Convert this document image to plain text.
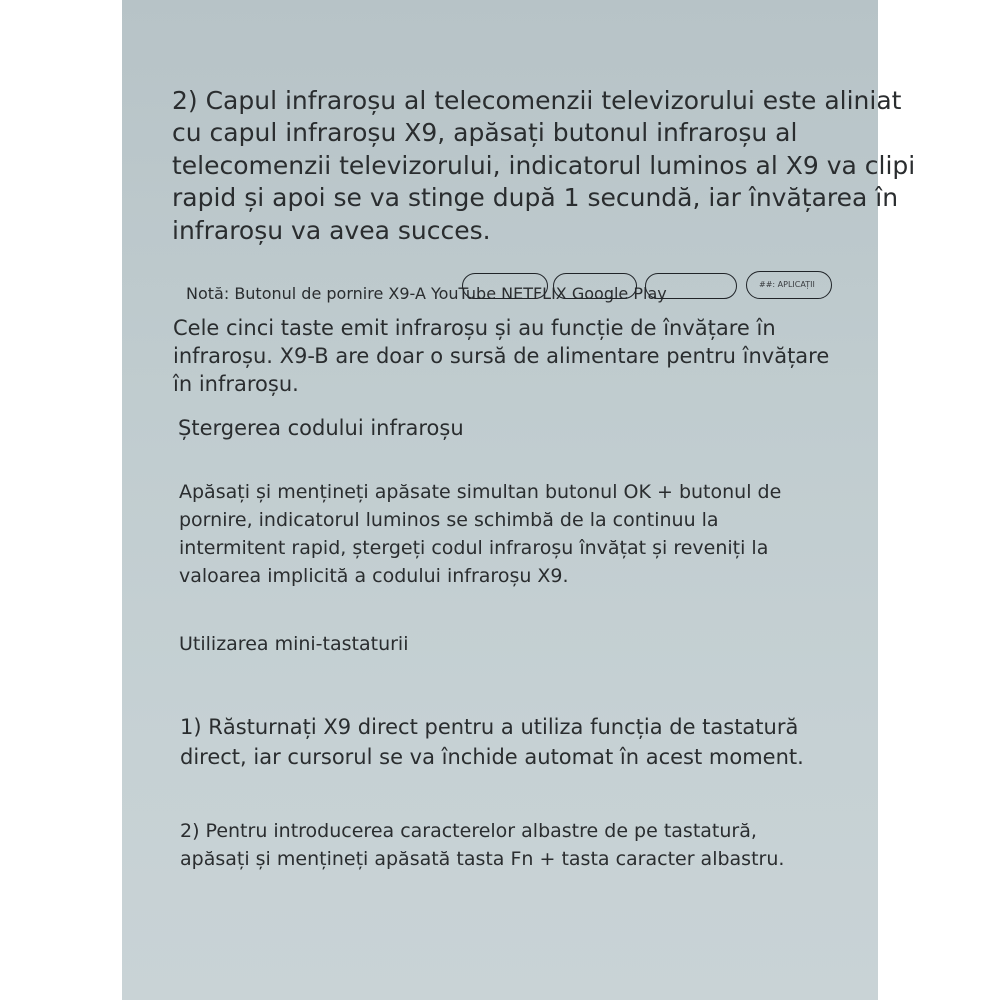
2) Capul infraroșu al telecomenzii televizorului este aliniat
cu capul infraroșu X9, apăsați butonul infraroșu al
telecomenzii televizorului, indicatorul luminos al X9 va clipi
rapid și apoi se va stinge după 1 secundă, iar învățarea în
infraroșu va avea succes.
Notă: Butonul de pornire X9-A YouTube NETFLIX Google Play	##: APLICAȚII
Cele cinci taste emit infraroșu și au funcție de învățare în
infraroșu. X9-B are doar o sursă de alimentare pentru învățare
în infraroșu.
Ștergerea codului infraroșu
Apăsați și mențineți apăsate simultan butonul OK + butonul de
pornire, indicatorul luminos se schimbă de la continuu la
intermitent rapid, ștergeți codul infraroșu învățat și reveniți la
valoarea implicită a codului infraroșu X9.
Utilizarea mini-tastaturii
1) Răsturnați X9 direct pentru a utiliza funcția de tastatură
direct, iar cursorul se va închide automat în acest moment.
2) Pentru introducerea caracterelor albastre de pe tastatură,
apăsați și mențineți apăsată tasta Fn + tasta caracter albastru.
